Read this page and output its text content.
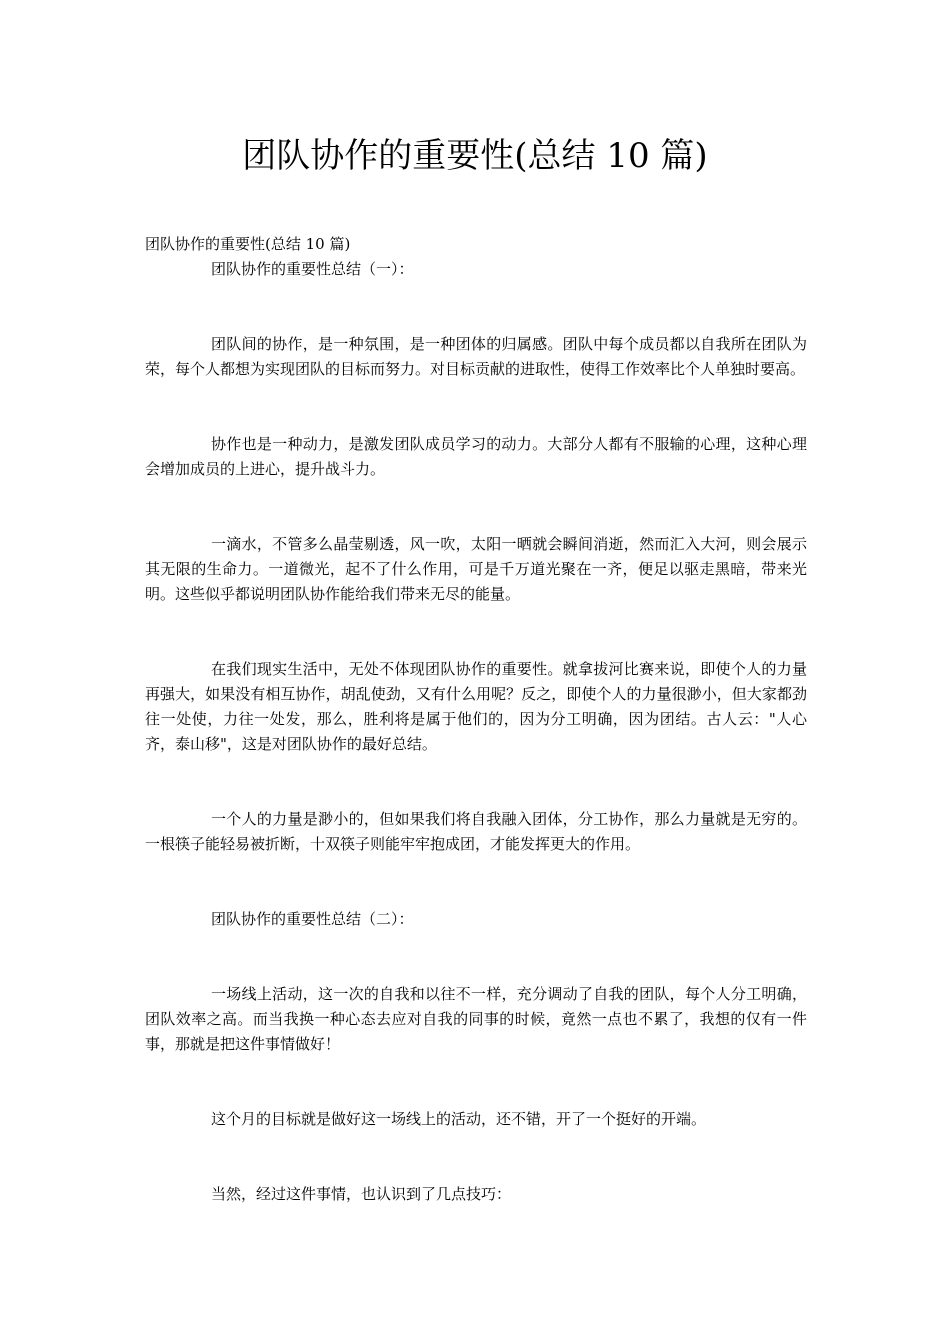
团队协作的重要性(总结 10 篇)

团队协作的重要性(总结 10 篇)

团队协作的重要性总结（一）：

团队间的协作，是一种氛围，是一种团体的归属感。团队中每个成员都以自我所在团队为荣，每个人都想为实现团队的目标而努力。对目标贡献的进取性，使得工作效率比个人单独时要高。

协作也是一种动力，是激发团队成员学习的动力。大部分人都有不服输的心理，这种心理会增加成员的上进心，提升战斗力。

一滴水，不管多么晶莹剔透，风一吹，太阳一晒就会瞬间消逝，然而汇入大河，则会展示其无限的生命力。一道微光，起不了什么作用，可是千万道光聚在一齐，便足以驱走黑暗，带来光明。这些似乎都说明团队协作能给我们带来无尽的能量。

在我们现实生活中，无处不体现团队协作的重要性。就拿拔河比赛来说，即使个人的力量再强大，如果没有相互协作，胡乱使劲，又有什么用呢？反之，即使个人的力量很渺小，但大家都劲往一处使，力往一处发，那么，胜利将是属于他们的，因为分工明确，因为团结。古人云："人心齐，泰山移"，这是对团队协作的最好总结。

一个人的力量是渺小的，但如果我们将自我融入团体，分工协作，那么力量就是无穷的。一根筷子能轻易被折断，十双筷子则能牢牢抱成团，才能发挥更大的作用。

团队协作的重要性总结（二）：

一场线上活动，这一次的自我和以往不一样，充分调动了自我的团队，每个人分工明确，团队效率之高。而当我换一种心态去应对自我的同事的时候，竟然一点也不累了，我想的仅有一件事，那就是把这件事情做好！

这个月的目标就是做好这一场线上的活动，还不错，开了一个挺好的开端。

当然，经过这件事情，也认识到了几点技巧：
